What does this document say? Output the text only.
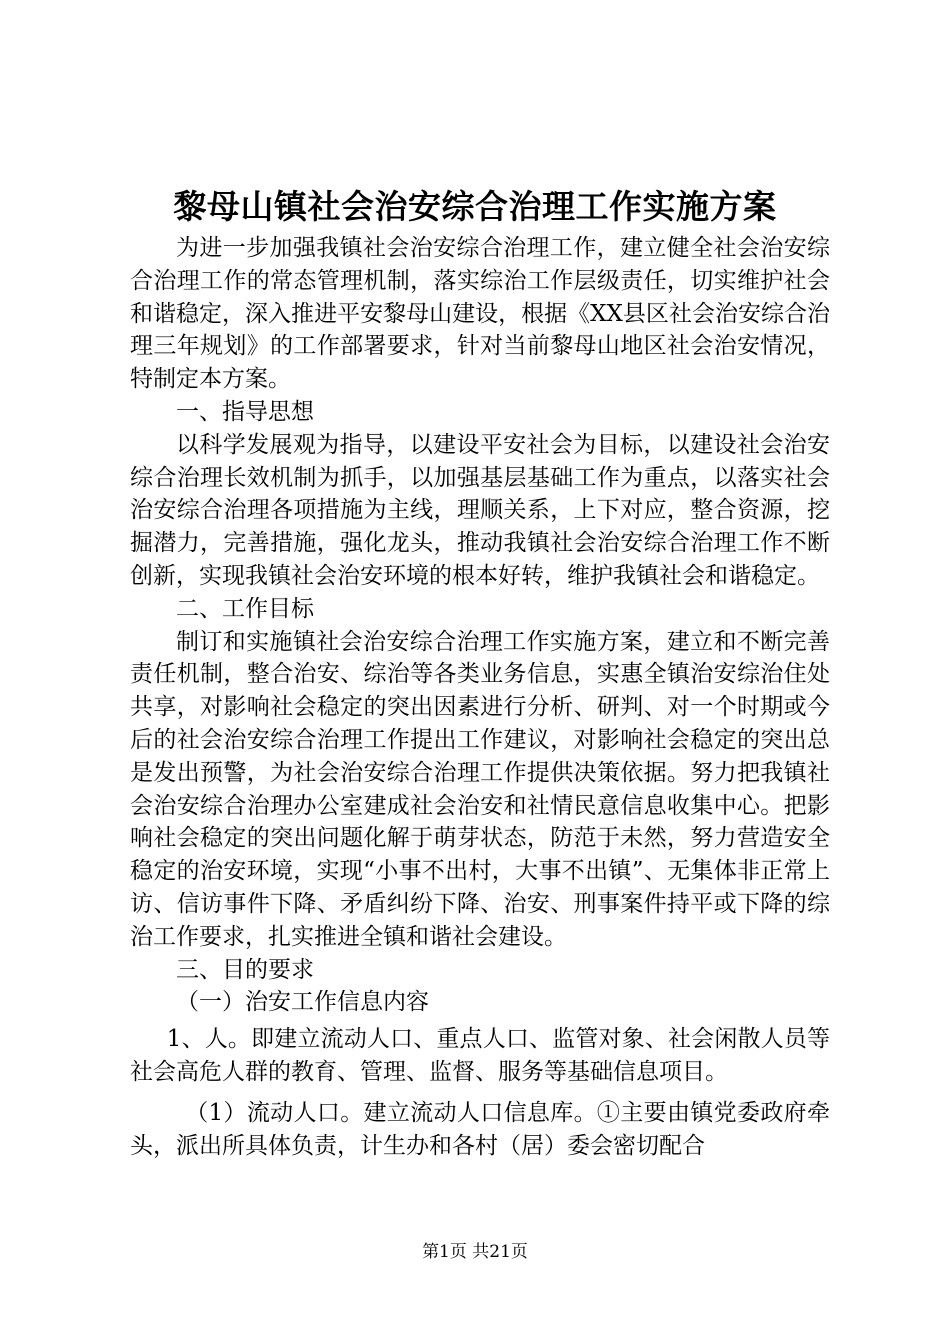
黎母山镇社会治安综合治理工作实施方案

为进一步加强我镇社会治安综合治理工作，建立健全社会治安综合治理工作的常态管理机制，落实综治工作层级责任，切实维护社会和谐稳定，深入推进平安黎母山建设，根据《XX县区社会治安综合治理三年规划》的工作部署要求，针对当前黎母山地区社会治安情况，特制定本方案。

一、指导思想

以科学发展观为指导，以建设平安社会为目标，以建设社会治安综合治理长效机制为抓手，以加强基层基础工作为重点，以落实社会治安综合治理各项措施为主线，理顺关系，上下对应，整合资源，挖掘潜力，完善措施，强化龙头，推动我镇社会治安综合治理工作不断创新，实现我镇社会治安环境的根本好转，维护我镇社会和谐稳定。

二、工作目标

制订和实施镇社会治安综合治理工作实施方案，建立和不断完善责任机制，整合治安、综治等各类业务信息，实惠全镇治安综治住处共享，对影响社会稳定的突出因素进行分析、研判、对一个时期或今后的社会治安综合治理工作提出工作建议，对影响社会稳定的突出总是发出预警，为社会治安综合治理工作提供决策依据。努力把我镇社会治安综合治理办公室建成社会治安和社情民意信息收集中心。把影响社会稳定的突出问题化解于萌芽状态，防范于未然，努力营造安全稳定的治安环境，实现“小事不出村，大事不出镇”、无集体非正常上访、信访事件下降、矛盾纠纷下降、治安、刑事案件持平或下降的综治工作要求，扎实推进全镇和谐社会建设。

三、目的要求

（一）治安工作信息内容

1、人。即建立流动人口、重点人口、监管对象、社会闲散人员等社会高危人群的教育、管理、监督、服务等基础信息项目。

（1）流动人口。建立流动人口信息库。①主要由镇党委政府牵头，派出所具体负责，计生办和各村（居）委会密切配合

第1页 共21页
